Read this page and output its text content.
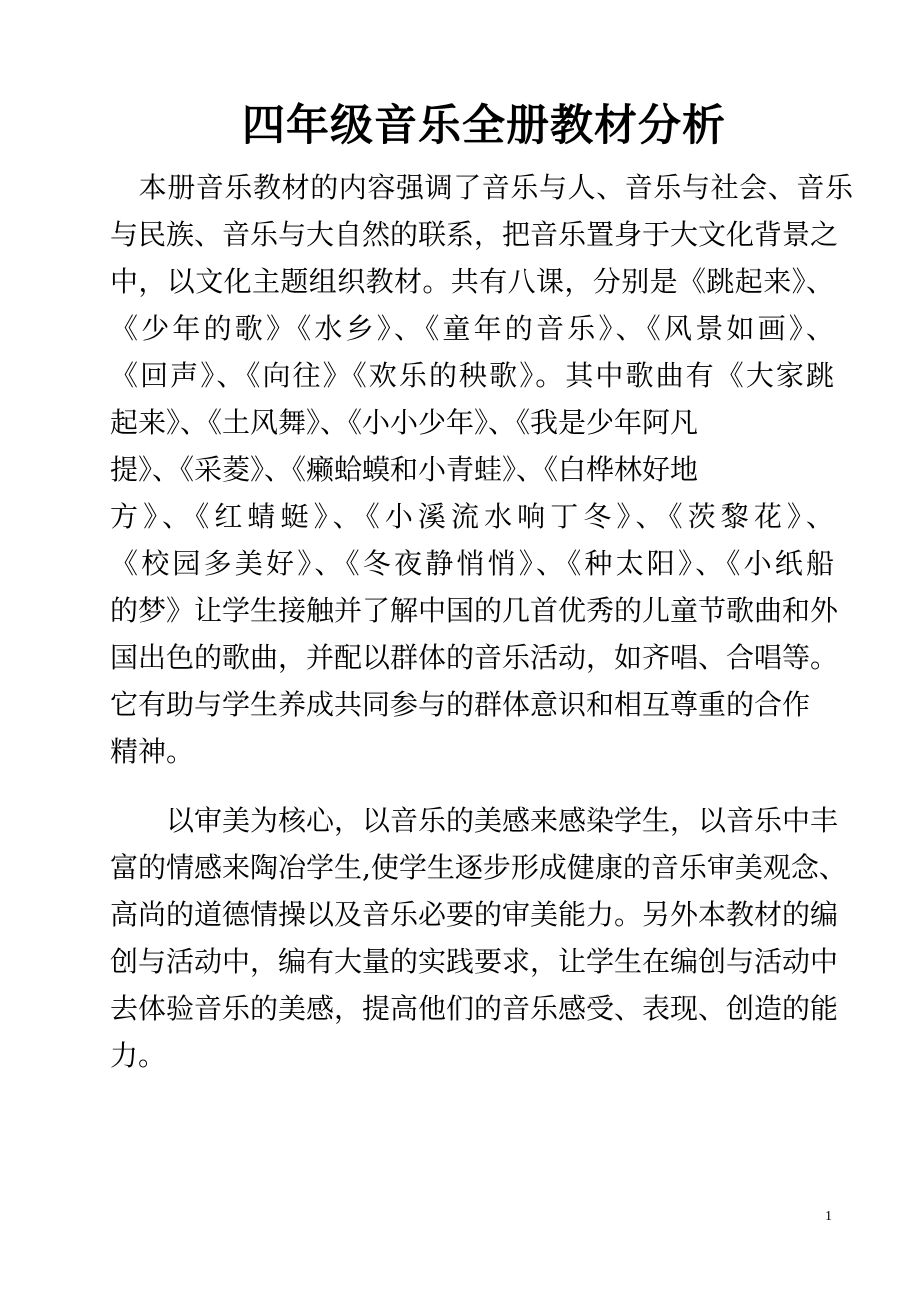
四年级音乐全册教材分析
　本册音乐教材的内容强调了音乐与人、音乐与社会、音乐
与民族、音乐与大自然的联系，把音乐置身于大文化背景之
中，以文化主题组织教材。共有八课，分别是《跳起来》、
《少年的歌》《水乡》、《童年的音乐》、《风景如画》、
《回声》、《向往》《欢乐的秧歌》。其中歌曲有《大家跳
起来》、《土风舞》、《小小少年》、《我是少年阿凡
提》、《采菱》、《癞蛤蟆和小青蛙》、《白桦林好地
方》、《红蜻蜓》、《小溪流水响丁冬》、《茨黎花》、
《校园多美好》、《冬夜静悄悄》、《种太阳》、《小纸船
的梦》让学生接触并了解中国的几首优秀的儿童节歌曲和外
国出色的歌曲，并配以群体的音乐活动，如齐唱、合唱等。
它有助与学生养成共同参与的群体意识和相互尊重的合作
精神。
　　以审美为核心，以音乐的美感来感染学生，以音乐中丰
富的情感来陶冶学生,使学生逐步形成健康的音乐审美观念、
高尚的道德情操以及音乐必要的审美能力。另外本教材的编
创与活动中，编有大量的实践要求，让学生在编创与活动中
去体验音乐的美感，提高他们的音乐感受、表现、创造的能
力。
1
